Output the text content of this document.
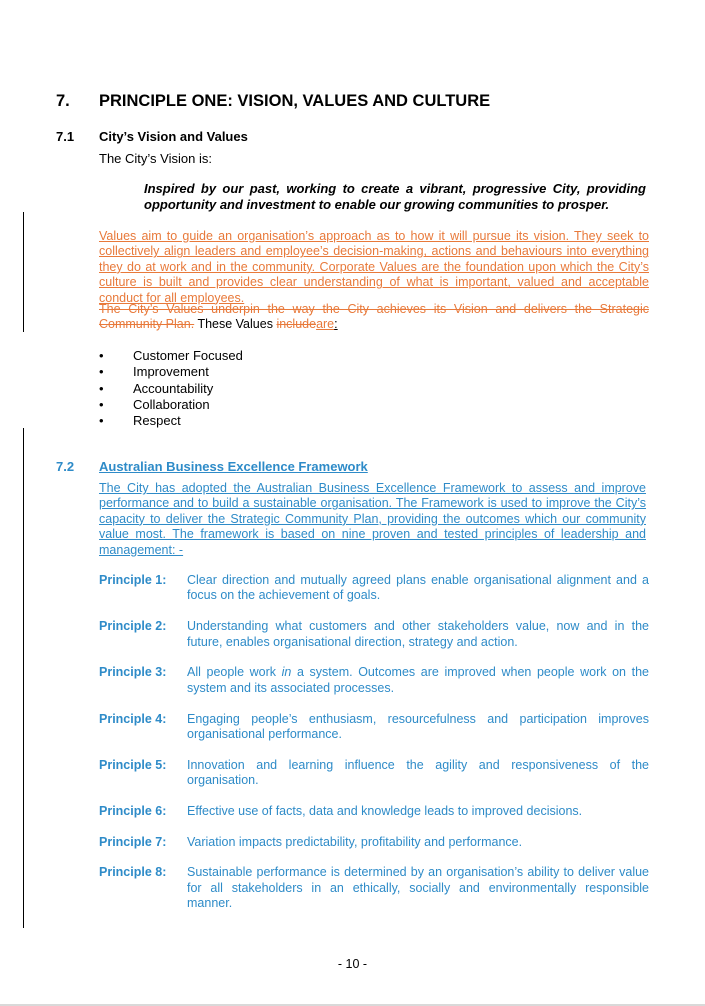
7. PRINCIPLE ONE: VISION, VALUES AND CULTURE
7.1 City’s Vision and Values
The City’s Vision is:
Inspired by our past, working to create a vibrant, progressive City, providing opportunity and investment to enable our growing communities to prosper.
Values aim to guide an organisation’s approach as to how it will pursue its vision. They seek to collectively align leaders and employee’s decision-making, actions and behaviours into everything they do at work and in the community. Corporate Values are the foundation upon which the City’s culture is built and provides clear understanding of what is important, valued and acceptable conduct for all employees.
The City’s Values underpin the way the City achieves its Vision and delivers the Strategic Community Plan. These Values includeare:
• Customer Focused
• Improvement
• Accountability
• Collaboration
• Respect
7.2 Australian Business Excellence Framework
The City has adopted the Australian Business Excellence Framework to assess and improve performance and to build a sustainable organisation. The Framework is used to improve the City’s capacity to deliver the Strategic Community Plan, providing the outcomes which our community value most. The framework is based on nine proven and tested principles of leadership and management: -
Principle 1:	Clear direction and mutually agreed plans enable organisational alignment and a focus on the achievement of goals.
Principle 2:	Understanding what customers and other stakeholders value, now and in the future, enables organisational direction, strategy and action.
Principle 3:	All people work in a system. Outcomes are improved when people work on the system and its associated processes.
Principle 4:	Engaging people’s enthusiasm, resourcefulness and participation improves organisational performance.
Principle 5:	Innovation and learning influence the agility and responsiveness of the organisation.
Principle 6:	Effective use of facts, data and knowledge leads to improved decisions.
Principle 7:	Variation impacts predictability, profitability and performance.
Principle 8:	Sustainable performance is determined by an organisation’s ability to deliver value for all stakeholders in an ethically, socially and environmentally responsible manner.
- 10 -
